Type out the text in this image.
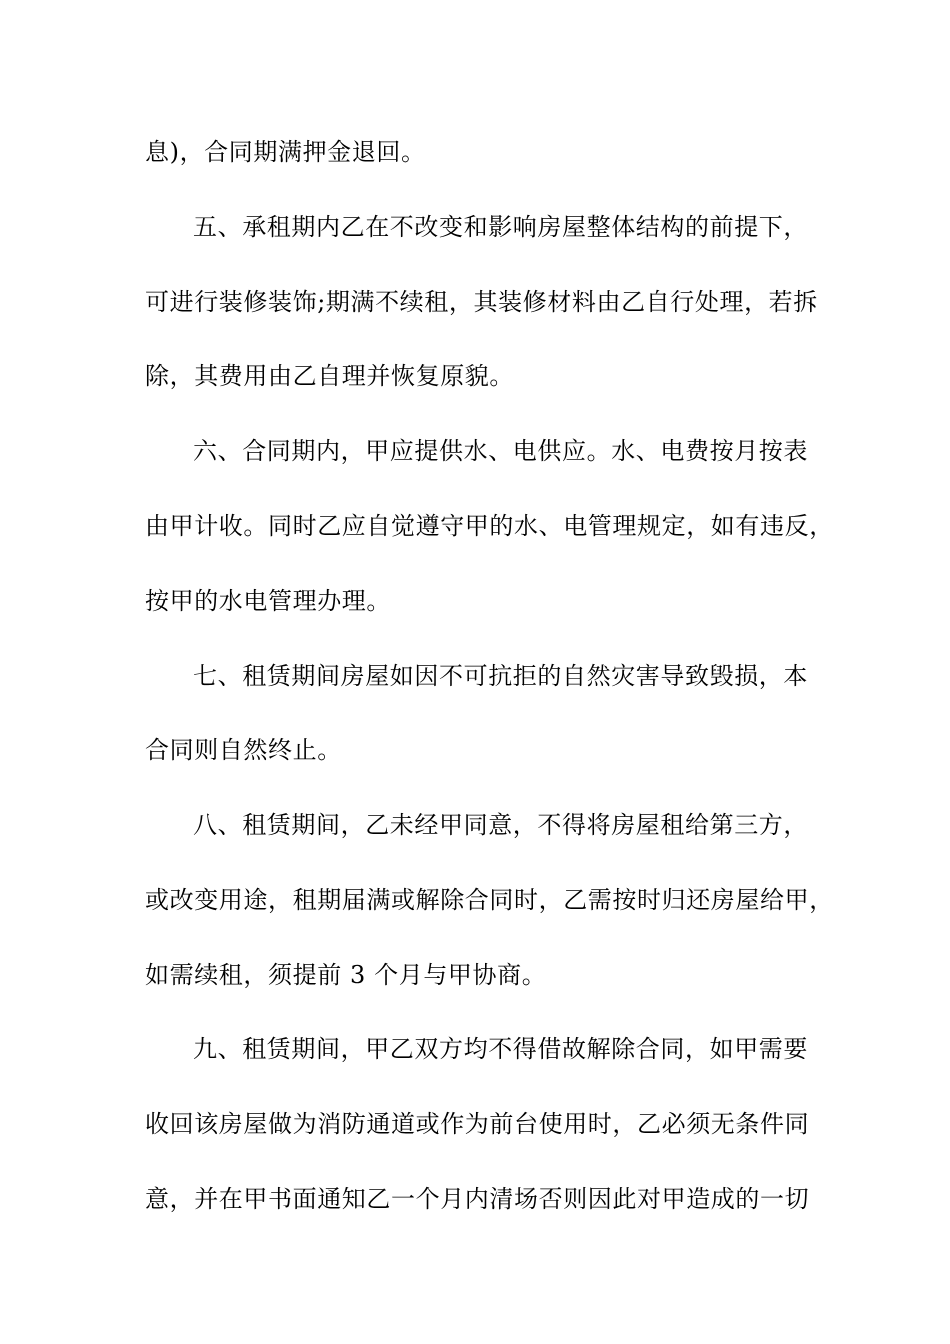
息)，合同期满押金退回。
五、承租期内乙在不改变和影响房屋整体结构的前提下，
可进行装修装饰;期满不续租，其装修材料由乙自行处理，若拆
除，其费用由乙自理并恢复原貌。
六、合同期内，甲应提供水、电供应。水、电费按月按表
由甲计收。同时乙应自觉遵守甲的水、电管理规定，如有违反，
按甲的水电管理办理。
七、租赁期间房屋如因不可抗拒的自然灾害导致毁损，本
合同则自然终止。
八、租赁期间，乙未经甲同意，不得将房屋租给第三方，
或改变用途，租期届满或解除合同时，乙需按时归还房屋给甲，
如需续租，须提前 3 个月与甲协商。
九、租赁期间，甲乙双方均不得借故解除合同，如甲需要
收回该房屋做为消防通道或作为前台使用时，乙必须无条件同
意，并在甲书面通知乙一个月内清场否则因此对甲造成的一切
